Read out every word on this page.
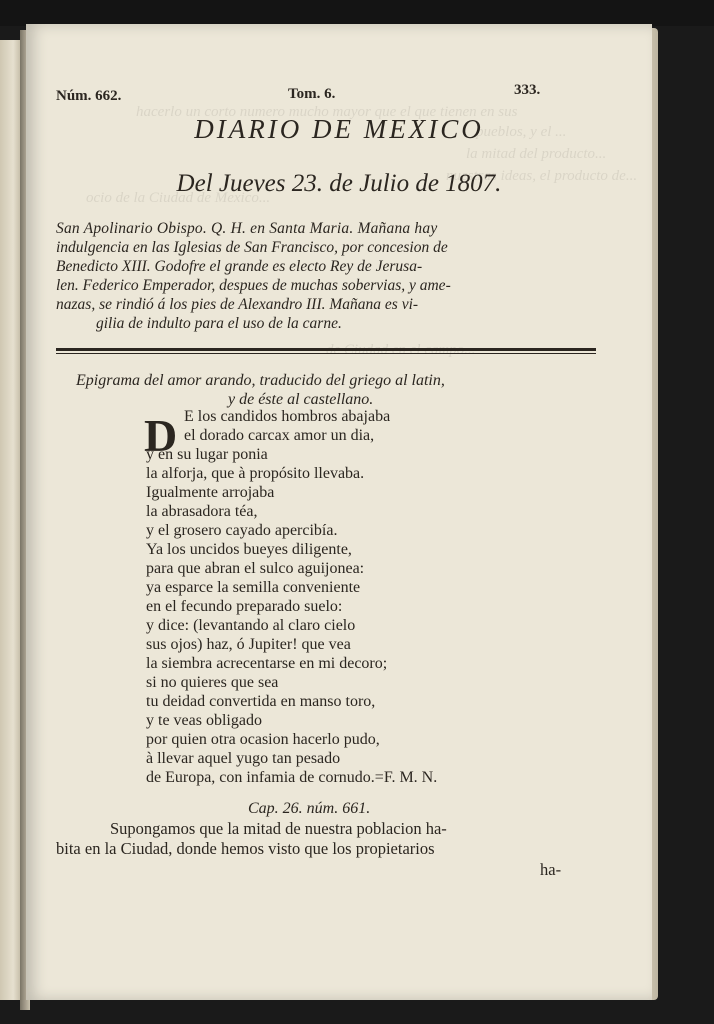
hacerlo un corto numero mucho mayor que el que tienen en sus
pueblos, y el ...
la mitad del producto...
nuestras ideas, el producto de...
ocio de la Ciudad de Mexico...
Núm. 662.	Tom. 6.	333.
DIARIO DE MEXICO
Del Jueves 23. de Julio de 1807.
San Apolinario Obispo. Q. H. en Santa Maria. Mañana hay
indulgencia en las Iglesias de San Francisco, por concesion de
Benedicto XIII. Godofre el grande es electo Rey de Jerusa-
len. Federico Emperador, despues de muchas sobervias, y ame-
nazas, se rindió á los pies de Alexandro III. Mañana es vi-
gilia de indulto para el uso de la carne.
Epigrama del amor arando, traducido del griego al latin,
y de éste al castellano.
D E los candidos hombros abajaba
el dorado carcax amor un dia,
y en su lugar ponia
la alforja, que à propósito llevaba.
Igualmente arrojaba
la abrasadora téa,
y el grosero cayado apercibía.
Ya los uncidos bueyes diligente,
para que abran el sulco aguijonea:
ya esparce la semilla conveniente
en el fecundo preparado suelo:
y dice: (levantando al claro cielo
sus ojos) haz, ó Jupiter! que vea
la siembra acrecentarse en mi decoro;
si no quieres que sea
tu deidad convertida en manso toro,
y te veas obligado
por quien otra ocasion hacerlo pudo,
à llevar aquel yugo tan pesado
de Europa, con infamia de cornudo.=F. M. N.
Cap. 26. núm. 661.
Supongamos que la mitad de nuestra poblacion ha-
bita en la Ciudad, donde hemos visto que los propietarios
ha-
